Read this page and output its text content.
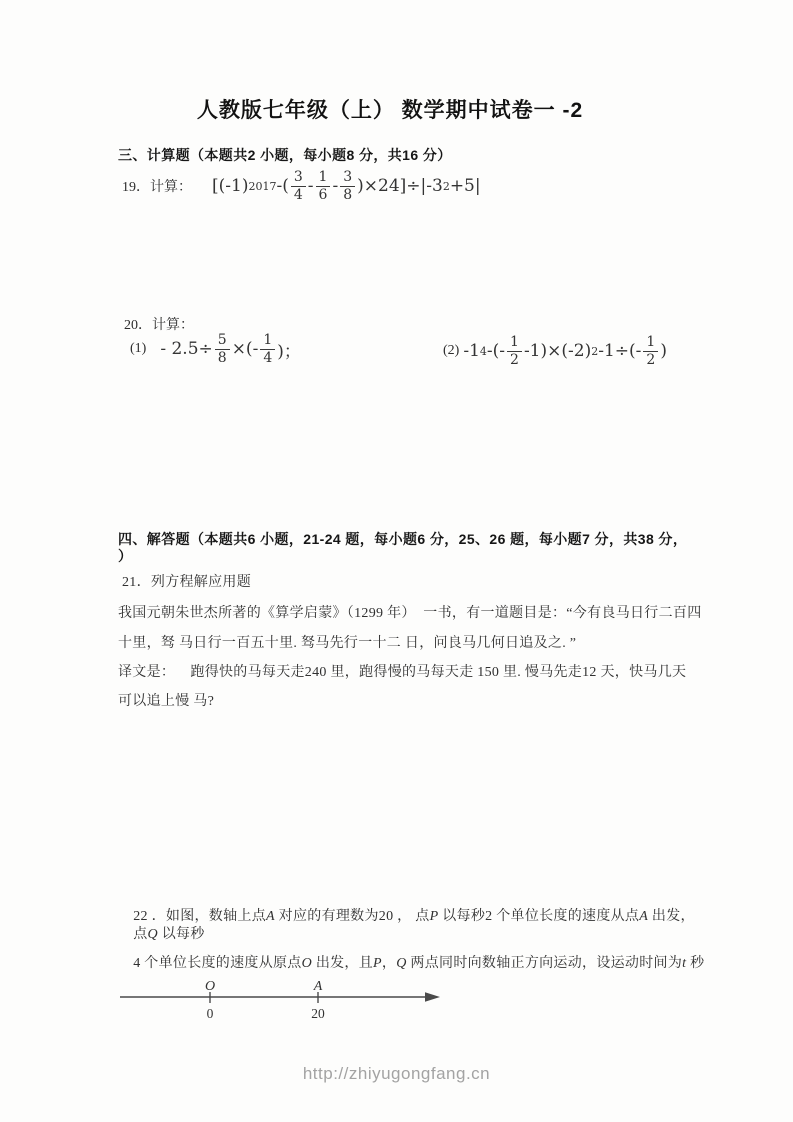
人教版七年级（上） 数学期中试卷一 -2
三、计算题（本题共2 小题，每小题8 分，共16 分）
19．计算： [(-1) 2017 -( $\frac{3}{4} - \frac{1}{6} - \frac{3}{8} )\times 24]\div|-3$ 2 +5|
20．计算：
$(1) - 2.5\div \frac{5}{8}$ ×(- $\frac{1}{4}$ )；	(2) -1 4 -(- $\frac{1}{2} -1)\times(-2)$ 2 $-1\div(- \frac{1}{2}$ )
四、解答题（本题共6 小题，21-24 题，每小题6 分，25、26 题，每小题7 分，共38 分，
）
21．列方程解应用题
我国元朝朱世杰所著的《算学启蒙》（1299 年）  一书，有一道题目是：“今有良马日行二百四
十里，驽 马日行一百五十里. 驽马先行一十二 日，问良马几何日追及之. ”
译文是：    跑得快的马每天走240 里，跑得慢的马每天走 150 里. 慢马先走12 天，快马几天
可以追上慢 马?

22 ．如图，数轴上点A 对应的有理数为20 ， 点P 以每秒2 个单位长度的速度从点A 出发，

点Q 以每秒

4 个单位长度的速度从原点O 出发，且P，Q 两点同时向数轴正方向运动，设运动时间为t 秒

O	A
0	20
http://zhiyugongfang.cn
